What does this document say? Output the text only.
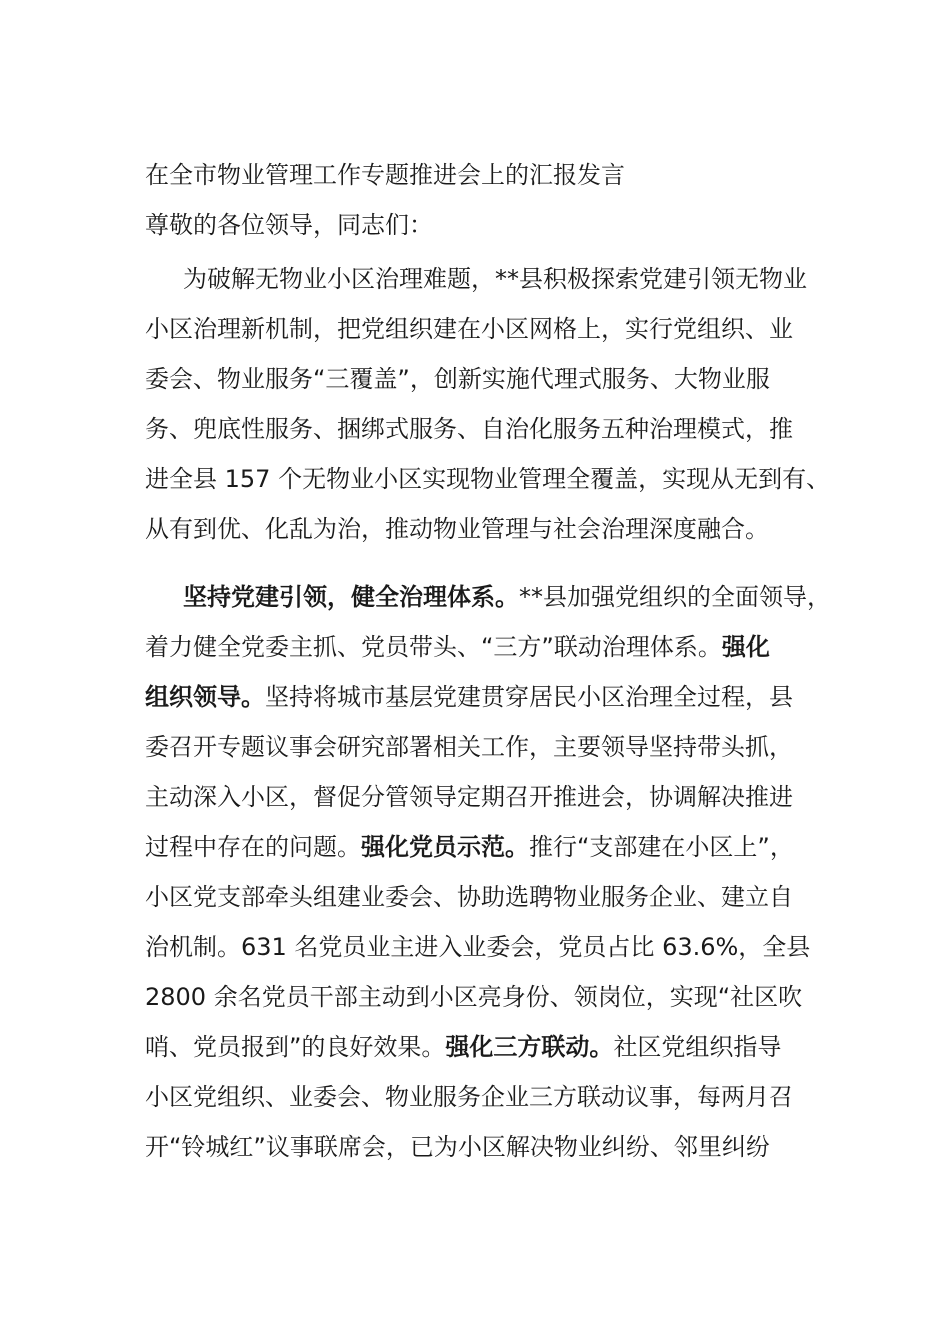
在全市物业管理工作专题推进会上的汇报发言
尊敬的各位领导，同志们：
为破解无物业小区治理难题，**县积极探索党建引领无物业
小区治理新机制，把党组织建在小区网格上，实行党组织、业
委会、物业服务“三覆盖”，创新实施代理式服务、大物业服
务、兜底性服务、捆绑式服务、自治化服务五种治理模式，推
进全县 157 个无物业小区实现物业管理全覆盖，实现从无到有、
从有到优、化乱为治，推动物业管理与社会治理深度融合。
坚持党建引领，健全治理体系。**县加强党组织的全面领导，
着力健全党委主抓、党员带头、“三方”联动治理体系。强化
组织领导。坚持将城市基层党建贯穿居民小区治理全过程，县
委召开专题议事会研究部署相关工作，主要领导坚持带头抓，
主动深入小区，督促分管领导定期召开推进会，协调解决推进
过程中存在的问题。强化党员示范。推行“支部建在小区上”，
小区党支部牵头组建业委会、协助选聘物业服务企业、建立自
治机制。631 名党员业主进入业委会，党员占比 63.6%，全县
2800 余名党员干部主动到小区亮身份、领岗位，实现“社区吹
哨、党员报到”的良好效果。强化三方联动。社区党组织指导
小区党组织、业委会、物业服务企业三方联动议事，每两月召
开“铃城红”议事联席会，已为小区解决物业纠纷、邻里纠纷
